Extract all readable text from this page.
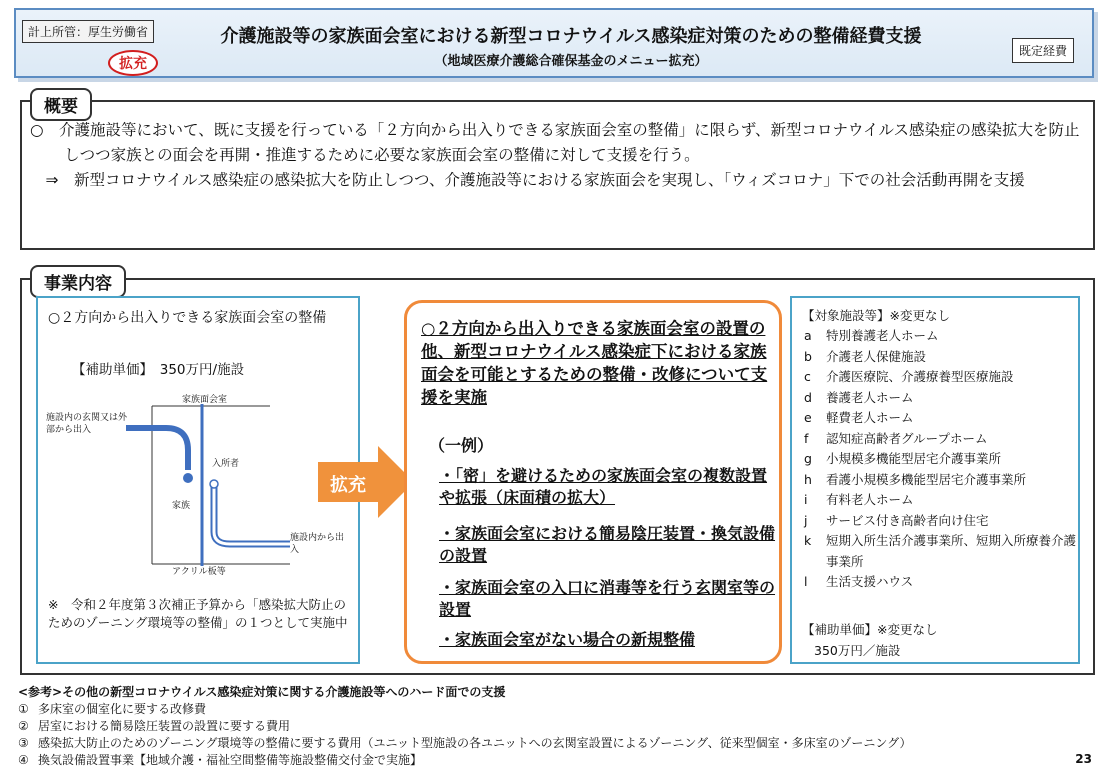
計上所管：厚生労働省
拡充
介護施設等の家族面会室における新型コロナウイルス感染症対策のための整備経費支援
（地域医療介護総合確保基金のメニュー拡充）
既定経費
概要

○　介護施設等において、既に支援を行っている「２方向から出入りできる家族面会室の整備」に限らず、新型コロナウイルス感染症の感染拡大を防止しつつ家族との面会を再開・推進するために必要な家族面会室の整備に対して支援を行う。

⇒　新型コロナウイルス感染症の感染拡大を防止しつつ、介護施設等における家族面会を実現し、「ウィズコロナ」下での社会活動再開を支援

事業内容
○２方向から出入りできる家族面会室の整備
【補助単価】　350万円/施設
※　令和２年度第３次補正予算から「感染拡大防止のためのゾーニング環境等の整備」の１つとして実施中
家族面会室
施設内の玄関又は外部から出入
入所者
家族
施設内から出入
アクリル板等
拡充
○２方向から出入りできる家族面会室の設置の他、新型コロナウイルス感染症下における家族面会を可能とするための整備・改修について支援を実施
（一例）
・「密」を避けるための家族面会室の複数設置や拡張（床面積の拡大）
・家族面会室における簡易陰圧装置・換気設備の設置
・家族面会室の入口に消毒等を行う玄関室等の設置
・家族面会室がない場合の新規整備
【対象施設等】※変更なし
a	特別養護老人ホーム
b	介護老人保健施設
c	介護医療院、介護療養型医療施設
d	養護老人ホーム
e	軽費老人ホーム
f	認知症高齢者グループホーム
g	小規模多機能型居宅介護事業所
h	看護小規模多機能型居宅介護事業所
i	有料老人ホーム
j	サービス付き高齢者向け住宅
k	短期入所生活介護事業所、短期入所療養介護事業所
l	生活支援ハウス
【補助単価】※変更なし
350万円／施設
<参考>その他の新型コロナウイルス感染症対策に関する介護施設等へのハード面での支援
① 多床室の個室化に要する改修費
② 居室における簡易陰圧装置の設置に要する費用
③ 感染拡大防止のためのゾーニング環境等の整備に要する費用（ユニット型施設の各ユニットへの玄関室設置によるゾーニング、従来型個室・多床室のゾーニング）
④ 換気設備設置事業【地域介護・福祉空間整備等施設整備交付金で実施】	23
